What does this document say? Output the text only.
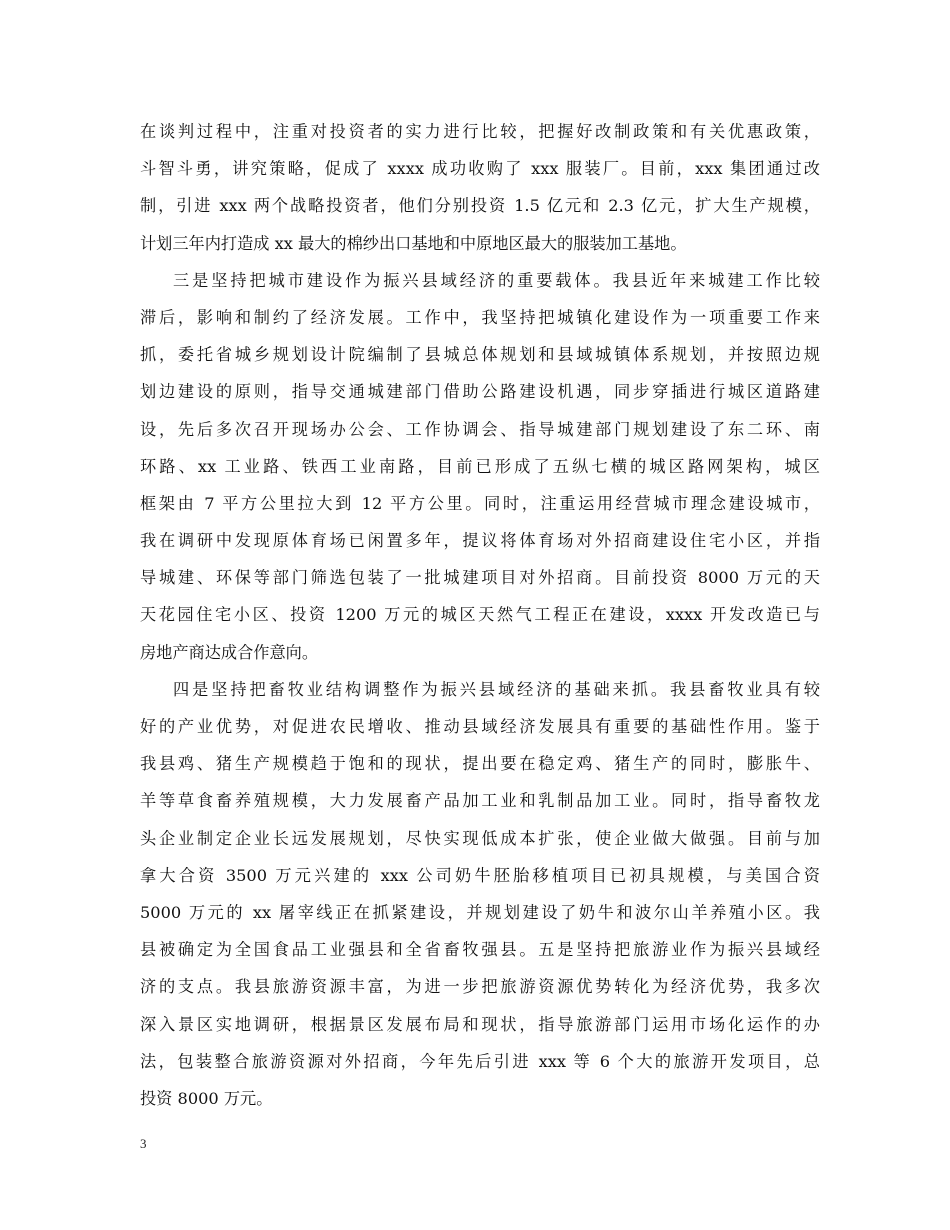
在谈判过程中，注重对投资者的实力进行比较，把握好改制政策和有关优惠政策，
斗智斗勇，讲究策略，促成了 xxxx 成功收购了 xxx 服装厂。目前，xxx 集团通过改
制，引进 xxx 两个战略投资者，他们分别投资 1.5 亿元和 2.3 亿元，扩大生产规模，
计划三年内打造成 xx 最大的棉纱出口基地和中原地区最大的服装加工基地。
三是坚持把城市建设作为振兴县域经济的重要载体。我县近年来城建工作比较
滞后，影响和制约了经济发展。工作中，我坚持把城镇化建设作为一项重要工作来
抓，委托省城乡规划设计院编制了县城总体规划和县域城镇体系规划，并按照边规
划边建设的原则，指导交通城建部门借助公路建设机遇，同步穿插进行城区道路建
设，先后多次召开现场办公会、工作协调会、指导城建部门规划建设了东二环、南
环路、xx 工业路、铁西工业南路，目前已形成了五纵七横的城区路网架构，城区
框架由 7 平方公里拉大到 12 平方公里。同时，注重运用经营城市理念建设城市，
我在调研中发现原体育场已闲置多年，提议将体育场对外招商建设住宅小区，并指
导城建、环保等部门筛选包装了一批城建项目对外招商。目前投资 8000 万元的天
天花园住宅小区、投资 1200 万元的城区天然气工程正在建设，xxxx 开发改造已与
房地产商达成合作意向。
四是坚持把畜牧业结构调整作为振兴县域经济的基础来抓。我县畜牧业具有较
好的产业优势，对促进农民增收、推动县域经济发展具有重要的基础性作用。鉴于
我县鸡、猪生产规模趋于饱和的现状，提出要在稳定鸡、猪生产的同时，膨胀牛、
羊等草食畜养殖规模，大力发展畜产品加工业和乳制品加工业。同时，指导畜牧龙
头企业制定企业长远发展规划，尽快实现低成本扩张，使企业做大做强。目前与加
拿大合资 3500 万元兴建的 xxx 公司奶牛胚胎移植项目已初具规模，与美国合资
5000 万元的 xx 屠宰线正在抓紧建设，并规划建设了奶牛和波尔山羊养殖小区。我
县被确定为全国食品工业强县和全省畜牧强县。五是坚持把旅游业作为振兴县域经
济的支点。我县旅游资源丰富，为进一步把旅游资源优势转化为经济优势，我多次
深入景区实地调研，根据景区发展布局和现状，指导旅游部门运用市场化运作的办
法，包装整合旅游资源对外招商，今年先后引进 xxx 等 6 个大的旅游开发项目，总
投资 8000 万元。
3
